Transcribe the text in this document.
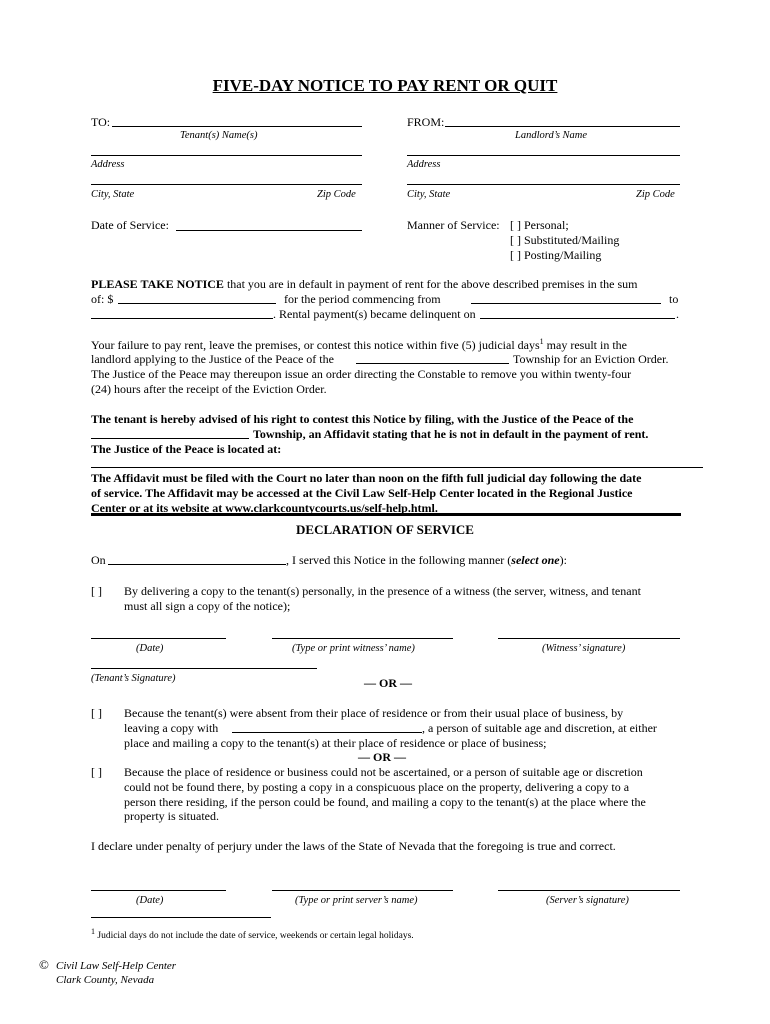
FIVE-DAY NOTICE TO PAY RENT OR QUIT
TO:
Tenant(s) Name(s)
FROM:
Landlord’s Name
Address	Address
City, State	Zip Code	City, State	Zip Code
Date of Service:	Manner of Service: [ ] Personal;
[ ] Substituted/Mailing
[ ] Posting/Mailing
PLEASE TAKE NOTICE that you are in default in payment of rent for the above described premises in the sum
of: $	for the period commencing from	to
. Rental payment(s) became delinquent on	.
Your failure to pay rent, leave the premises, or contest this notice within five (5) judicial days$^1$ may result in the
landlord applying to the Justice of the Peace of the	Township for an Eviction Order.
The Justice of the Peace may thereupon issue an order directing the Constable to remove you within twenty-four
(24) hours after the receipt of the Eviction Order.
The tenant is hereby advised of his right to contest this Notice by filing, with the Justice of the Peace of the
Township, an Affidavit stating that he is not in default in the payment of rent.
The Justice of the Peace is located at:
The Affidavit must be filed with the Court no later than noon on the fifth full judicial day following the date
of service. The Affidavit may be accessed at the Civil Law Self-Help Center located in the Regional Justice
Center or at its website at www.clarkcountycourts.us/self-help.html.
DECLARATION OF SERVICE
On	, I served this Notice in the following manner (select one):
[ ] By delivering a copy to the tenant(s) personally, in the presence of a witness (the server, witness, and tenant
must all sign a copy of the notice);
(Date)	(Type or print witness’ name)	(Witness’ signature)
(Tenant’s Signature)	— OR —
[ ] Because the tenant(s) were absent from their place of residence or from their usual place of business, by
leaving a copy with	, a person of suitable age and discretion, at either
place and mailing a copy to the tenant(s) at their place of residence or place of business;
— OR —
[ ] Because the place of residence or business could not be ascertained, or a person of suitable age or discretion
could not be found there, by posting a copy in a conspicuous place on the property, delivering a copy to a
person there residing, if the person could be found, and mailing a copy to the tenant(s) at the place where the
property is situated.
I declare under penalty of perjury under the laws of the State of Nevada that the foregoing is true and correct.
(Date)	(Type or print server’s name)	(Server’s signature)
$^1$ Judicial days do not include the date of service, weekends or certain legal holidays.
© Civil Law Self-Help Center
Clark County, Nevada
